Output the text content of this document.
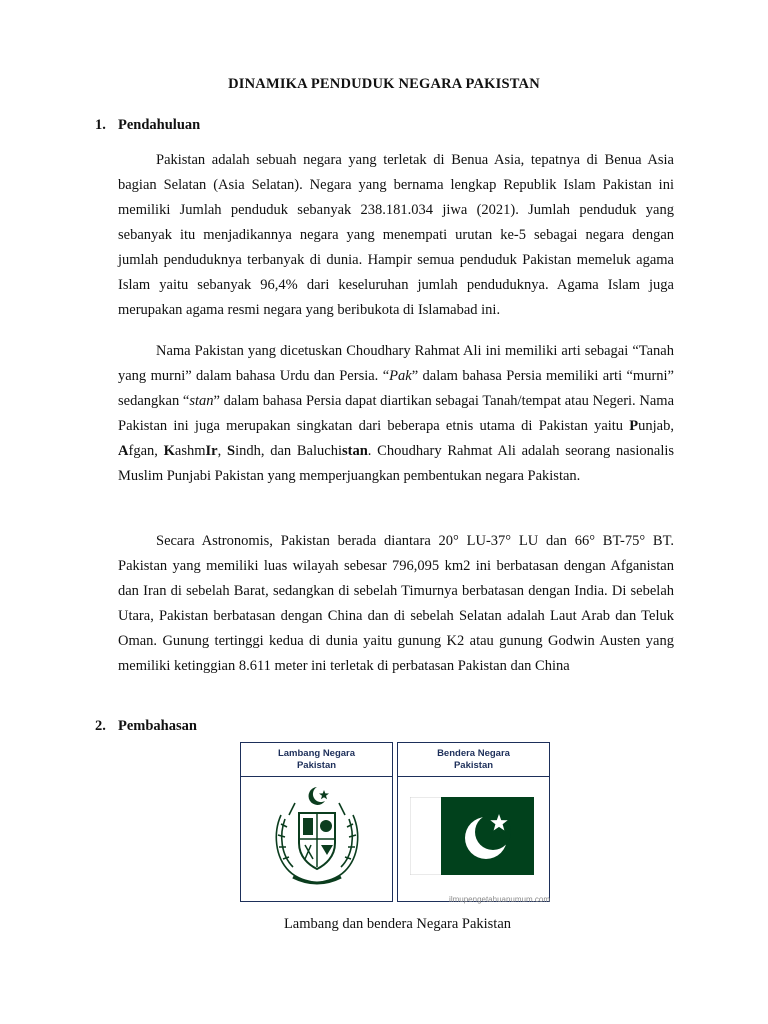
DINAMIKA PENDUDUK NEGARA PAKISTAN
1. Pendahuluan

Pakistan adalah sebuah negara yang terletak di Benua Asia, tepatnya di Benua Asia bagian Selatan (Asia Selatan). Negara yang bernama lengkap Republik Islam Pakistan ini memiliki Jumlah penduduk sebanyak 238.181.034 jiwa (2021). Jumlah penduduk yang sebanyak itu menjadikannya negara yang menempati urutan ke-5 sebagai negara dengan jumlah penduduknya terbanyak di dunia. Hampir semua penduduk Pakistan memeluk agama Islam yaitu sebanyak 96,4% dari keseluruhan jumlah penduduknya. Agama Islam juga merupakan agama resmi negara yang beribukota di Islamabad ini.

Nama Pakistan yang dicetuskan Choudhary Rahmat Ali ini memiliki arti sebagai “Tanah yang murni” dalam bahasa Urdu dan Persia. “Pak” dalam bahasa Persia memiliki arti “murni” sedangkan “stan” dalam bahasa Persia dapat diartikan sebagai Tanah/tempat atau Negeri. Nama Pakistan ini juga merupakan singkatan dari beberapa etnis utama di Pakistan yaitu Punjab, Afgan, KashmIr, Sindh, dan Baluchistan. Choudhary Rahmat Ali adalah seorang nasionalis Muslim Punjabi Pakistan yang memperjuangkan pembentukan negara Pakistan.

Secara Astronomis, Pakistan berada diantara 20° LU-37° LU dan 66° BT-75° BT. Pakistan yang memiliki luas wilayah sebesar 796,095 km2 ini berbatasan dengan Afganistan dan Iran di sebelah Barat, sedangkan di sebelah Timurnya berbatasan dengan India. Di sebelah Utara, Pakistan berbatasan dengan China dan di sebelah Selatan adalah Laut Arab dan Teluk Oman. Gunung tertinggi kedua di dunia yaitu gunung K2 atau gunung Godwin Austen yang memiliki ketinggian 8.611 meter ini terletak di perbatasan Pakistan dan China

2. Pembahasan
Lambang Negara
Pakistan
Bendera Negara
Pakistan
ilmupengetahuanumum.com
Lambang dan bendera Negara Pakistan
